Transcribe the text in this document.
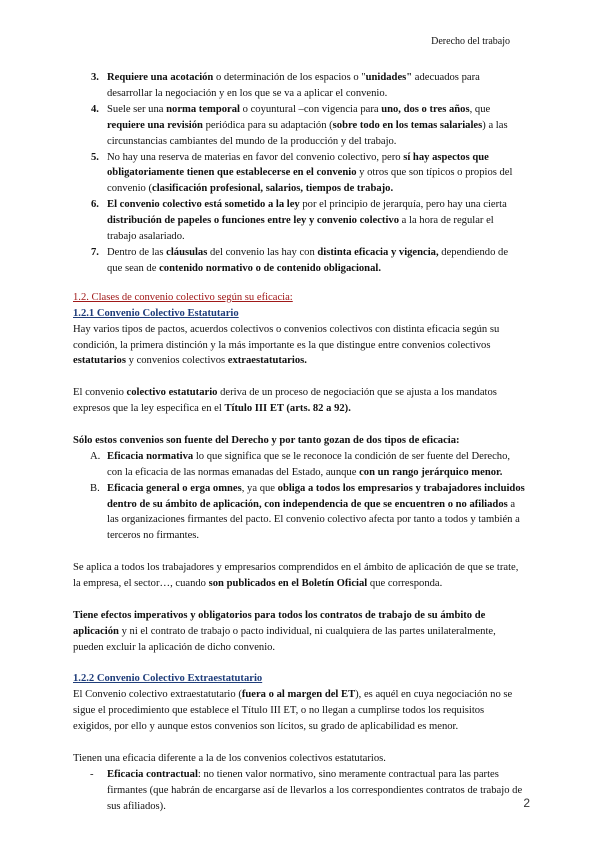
Derecho del trabajo
3. Requiere una acotación o determinación de los espacios o "unidades" adecuados para desarrollar la negociación y en los que se va a aplicar el convenio.
4. Suele ser una norma temporal o coyuntural –con vigencia para uno, dos o tres años, que requiere una revisión periódica para su adaptación (sobre todo en los temas salariales) a las circunstancias cambiantes del mundo de la producción y del trabajo.
5. No hay una reserva de materias en favor del convenio colectivo, pero sí hay aspectos que obligatoriamente tienen que establecerse en el convenio y otros que son típicos o propios del convenio (clasificación profesional, salarios, tiempos de trabajo.
6. El convenio colectivo está sometido a la ley por el principio de jerarquía, pero hay una cierta distribución de papeles o funciones entre ley y convenio colectivo a la hora de regular el trabajo asalariado.
7. Dentro de las cláusulas del convenio las hay con distinta eficacia y vigencia, dependiendo de que sean de contenido normativo o de contenido obligacional.
1.2. Clases de convenio colectivo según su eficacia:
1.2.1 Convenio Colectivo Estatutario

Hay varios tipos de pactos, acuerdos colectivos o convenios colectivos con distinta eficacia según su condición, la primera distinción y la más importante es la que distingue entre convenios colectivos estatutarios y convenios colectivos extraestatutarios.

El convenio colectivo estatutario deriva de un proceso de negociación que se ajusta a los mandatos expresos que la ley especifica en el Título III ET (arts. 82 a 92).

Sólo estos convenios son fuente del Derecho y por tanto gozan de dos tipos de eficacia:

A. Eficacia normativa lo que significa que se le reconoce la condición de ser fuente del Derecho, con la eficacia de las normas emanadas del Estado, aunque con un rango jerárquico menor.
B. Eficacia general o erga omnes, ya que obliga a todos los empresarios y trabajadores incluidos dentro de su ámbito de aplicación, con independencia de que se encuentren o no afiliados a las organizaciones firmantes del pacto. El convenio colectivo afecta por tanto a todos y también a terceros no firmantes.

Se aplica a todos los trabajadores y empresarios comprendidos en el ámbito de aplicación de que se trate, la empresa, el sector…, cuando son publicados en el Boletín Oficial que corresponda.

Tiene efectos imperativos y obligatorios para todos los contratos de trabajo de su ámbito de aplicación y ni el contrato de trabajo o pacto individual, ni cualquiera de las partes unilateralmente, pueden excluir la aplicación de dicho convenio.

1.2.2 Convenio Colectivo Extraestatutario

El Convenio colectivo extraestatutario (fuera o al margen del ET), es aquél en cuya negociación no se sigue el procedimiento que establece el Título III ET, o no llegan a cumplirse todos los requisitos exigidos, por ello y aunque estos convenios son lícitos, su grado de aplicabilidad es menor.

Tienen una eficacia diferente a la de los convenios colectivos estatutarios.

- Eficacia contractual: no tienen valor normativo, sino meramente contractual para las partes firmantes (que habrán de encargarse así de llevarlos a los correspondientes contratos de trabajo de sus afiliados).	2
